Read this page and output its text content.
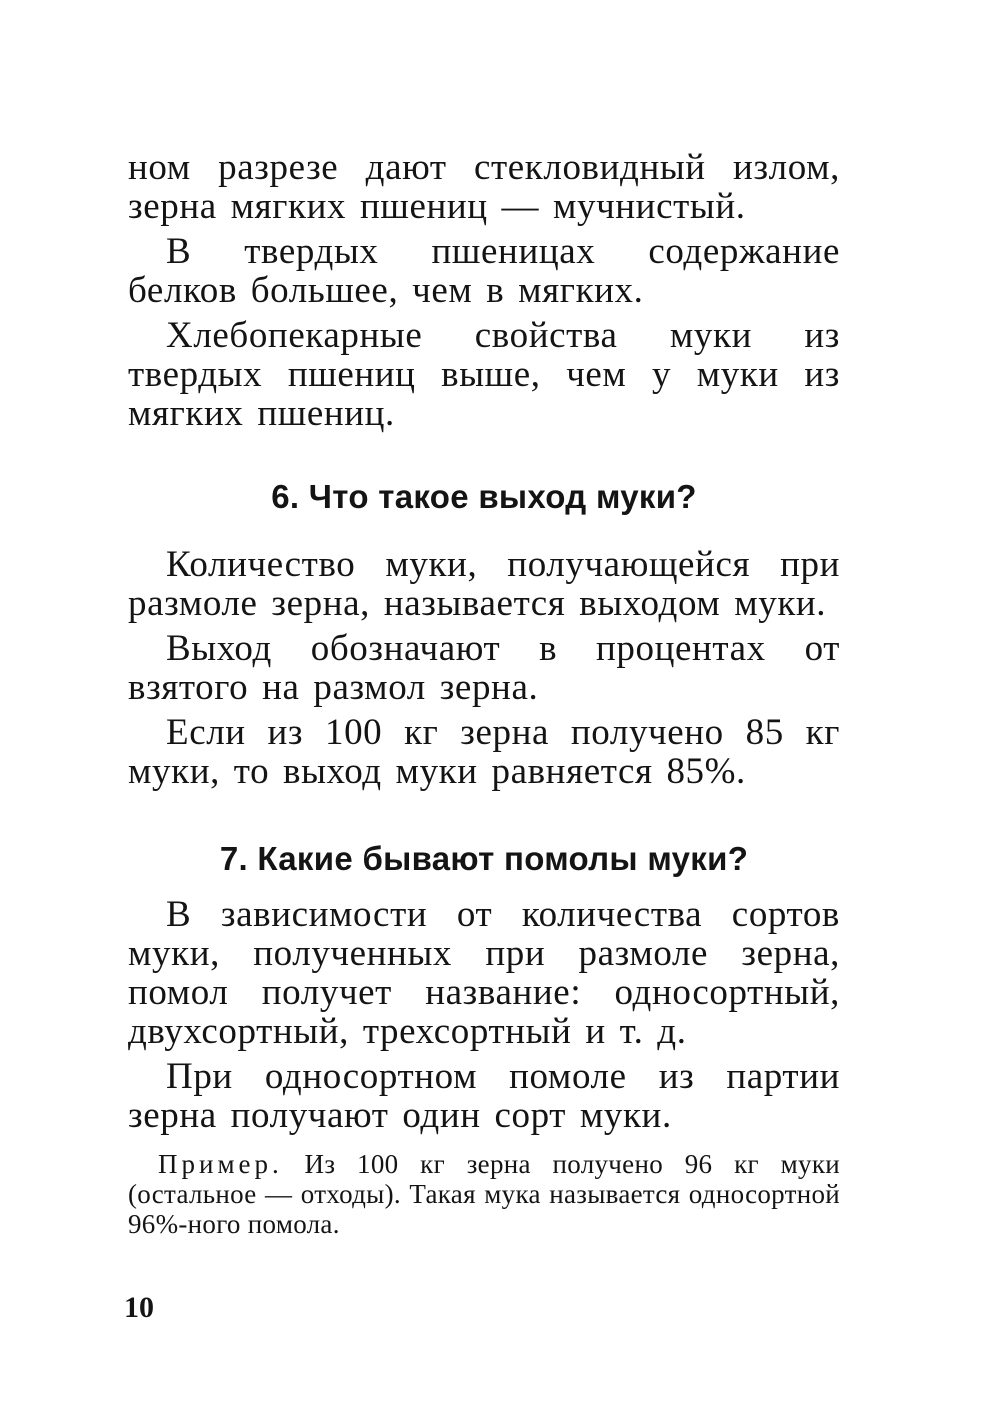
ном разрезе дают стекловидный излом, зерна мягких пшениц — мучнистый.

В твердых пшеницах содержание белков большее, чем в мягких.

Хлебопекарные свойства муки из твердых пшениц выше, чем у муки из мягких пшениц.

6. Что такое выход муки?

Количество муки, получающейся при размоле зерна, называется выходом муки.

Выход обозначают в процентах от взятого на размол зерна.

Если из 100 кг зерна получено 85 кг муки, то выход муки равняется 85%.

7. Какие бывают помолы муки?

В зависимости от количества сортов муки, полученных при размоле зерна, помол получет название: односортный, двухсортный, трехсортный и т. д.

При односортном помоле из партии зерна получают один сорт муки.

Пример. Из 100 кг зерна получено 96 кг муки (остальное — отходы). Такая мука называется односортной 96%-ного помола.

10
